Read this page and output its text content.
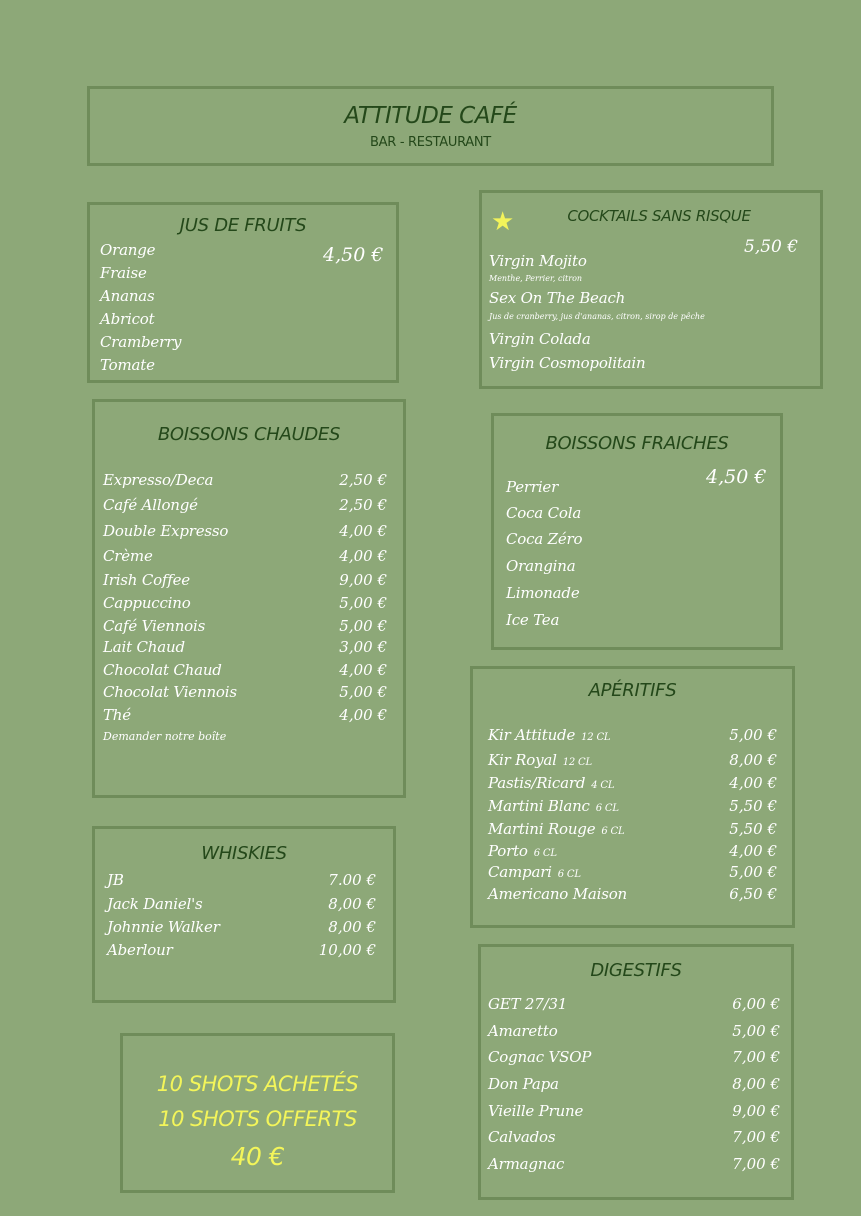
ATTITUDE CAFÉ
BAR - RESTAURANT
JUS DE FRUITS
4,50 €
Orange
Fraise
Ananas
Abricot
Cramberry
Tomate
★	COCKTAILS SANS RISQUE
5,50 €
Virgin Mojito
Menthe, Perrier, citron
Sex On The Beach
Jus de cranberry, jus d'ananas, citron, sirop de pêche
Virgin Colada
Virgin Cosmopolitain
BOISSONS CHAUDES
Expresso/Deca	2,50 €
Café Allongé	2,50 €
Double Expresso	4,00 €
Crème	4,00 €
Irish Coffee	9,00 €
Cappuccino	5,00 €
Café Viennois	5,00 €
Lait Chaud	3,00 €
Chocolat Chaud	4,00 €
Chocolat Viennois	5,00 €
Thé	4,00 €
Demander notre boîte
BOISSONS FRAICHES
4,50 €
Perrier
Coca Cola
Coca Zéro
Orangina
Limonade
Ice Tea
APÉRITIFS
Kir Attitude 12 CL	5,00 €
Kir Royal 12 CL	8,00 €
Pastis/Ricard 4 CL	4,00 €
Martini Blanc 6 CL	5,50 €
Martini Rouge 6 CL	5,50 €
Porto 6 CL	4,00 €
Campari 6 CL	5,00 €
Americano Maison	6,50 €
WHISKIES
JB	7.00 €
Jack Daniel's	8,00 €
Johnnie Walker	8,00 €
Aberlour	10,00 €
DIGESTIFS
GET 27/31	6,00 €
Amaretto	5,00 €
Cognac VSOP	7,00 €
Don Papa	8,00 €
Vieille Prune	9,00 €
Calvados	7,00 €
Armagnac	7,00 €
10 SHOTS ACHETÉS
10 SHOTS OFFERTS
40 €
